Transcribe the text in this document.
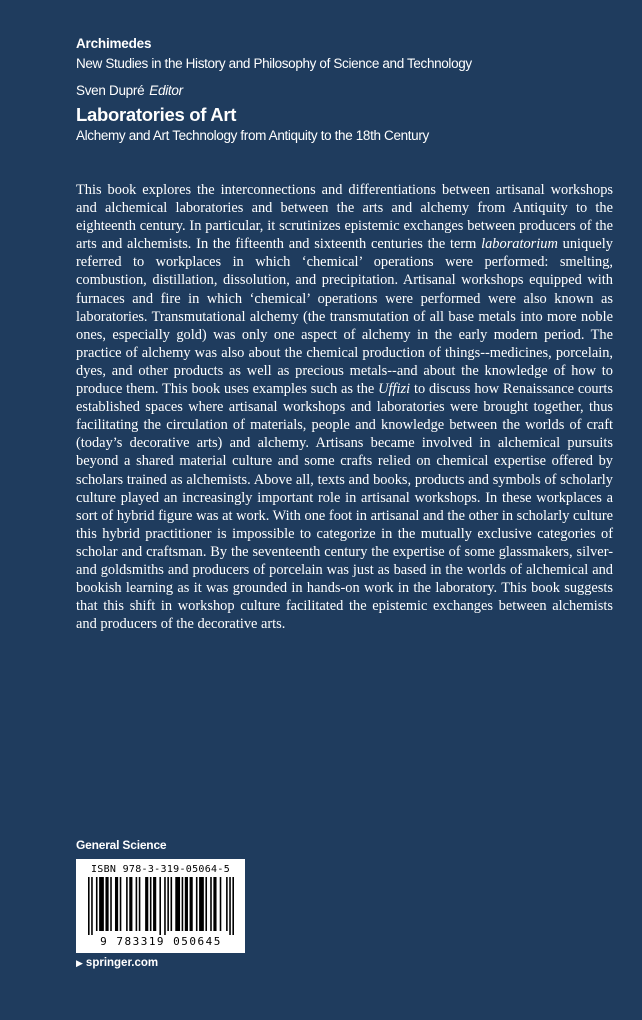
Archimedes
New Studies in the History and Philosophy of Science and Technology
Sven Dupré Editor
Laboratories of Art
Alchemy and Art Technology from Antiquity to the 18th Century
This book explores the interconnections and differentiations between artisanal workshops and alchemical laboratories and between the arts and alchemy from Antiquity to the eighteenth century. In particular, it scrutinizes epistemic exchanges between producers of the arts and alchemists. In the fifteenth and sixteenth centuries the term laboratorium uniquely referred to workplaces in which ‘chemical’ operations were performed: smelting, combustion, distillation, dissolution, and precipitation. Artisanal workshops equipped with furnaces and fire in which ‘chemical’ operations were performed were also known as laboratories. Transmutational alchemy (the transmutation of all base metals into more noble ones, especially gold) was only one aspect of alchemy in the early modern period. The practice of alchemy was also about the chemical production of things--medicines, porcelain, dyes, and other products as well as precious metals--and about the knowledge of how to produce them. This book uses examples such as the Uffizi to discuss how Renaissance courts established spaces where artisanal workshops and laboratories were brought together, thus facilitating the circulation of materials, people and knowledge between the worlds of craft (today’s decorative arts) and alchemy. Artisans became involved in alchemical pursuits beyond a shared material culture and some crafts relied on chemical expertise offered by scholars trained as alchemists. Above all, texts and books, products and symbols of scholarly culture played an increasingly important role in artisanal workshops. In these workplaces a sort of hybrid figure was at work. With one foot in artisanal and the other in scholarly culture this hybrid practitioner is impossible to categorize in the mutually exclusive categories of scholar and craftsman. By the seventeenth century the expertise of some glassmakers, silver- and goldsmiths and producers of porcelain was just as based in the worlds of alchemical and bookish learning as it was grounded in hands-on work in the laboratory. This book suggests that this shift in workshop culture facilitated the epistemic exchanges between alchemists and producers of the decorative arts.
General Science
ISBN 978-3-319-05064-5
9 783319 050645
▶ springer.com
